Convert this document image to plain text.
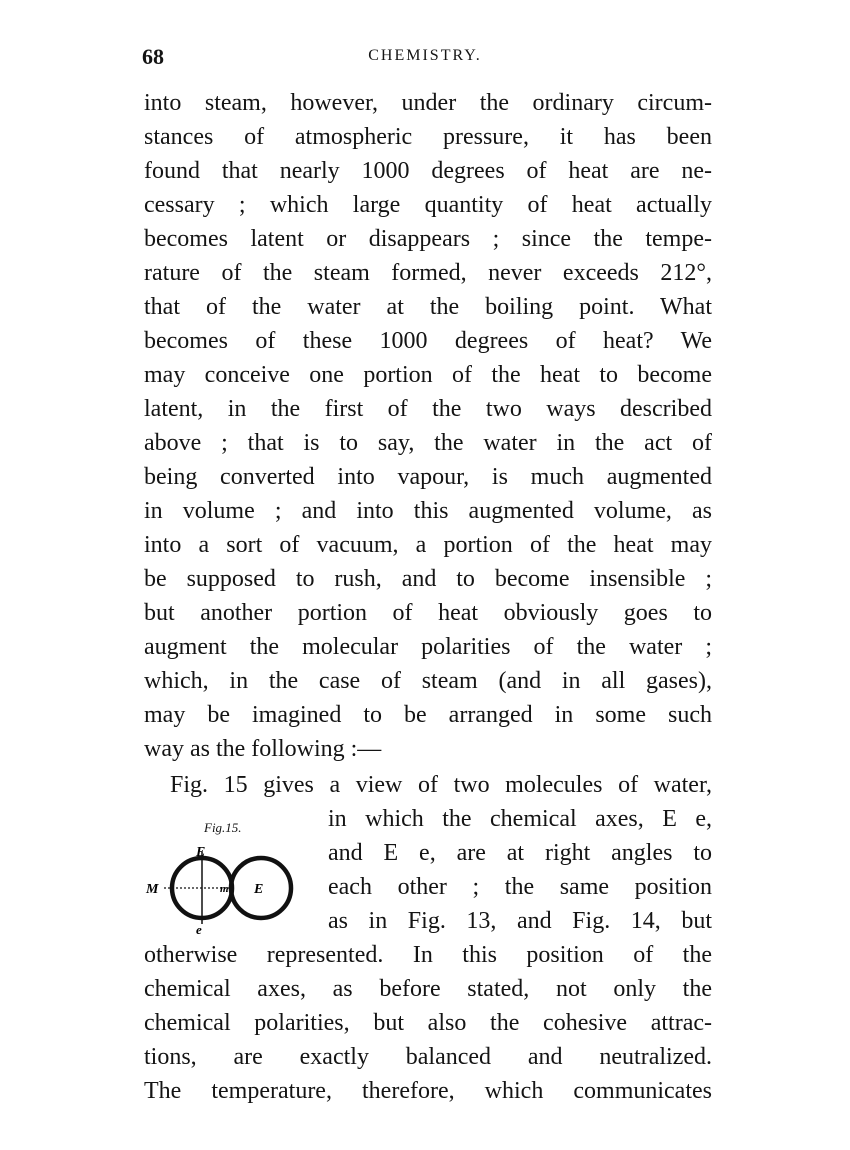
68	CHEMISTRY.
into steam, however, under the ordinary circum-
stances of atmospheric pressure, it has been
found that nearly 1000 degrees of heat are ne-
cessary ; which large quantity of heat actually
becomes latent or disappears ; since the tempe-
rature of the steam formed, never exceeds 212°,
that of the water at the boiling point. What
becomes of these 1000 degrees of heat? We
may conceive one portion of the heat to become
latent, in the first of the two ways described
above ; that is to say, the water in the act of
being converted into vapour, is much augmented
in volume ; and into this augmented volume, as
into a sort of vacuum, a portion of the heat may
be supposed to rush, and to become insensible ;
but another portion of heat obviously goes to
augment the molecular polarities of the water ;
which, in the case of steam (and in all gases),
may be imagined to be arranged in some such
way as the following :—
Fig. 15 gives a view of two molecules of water,
Fig.15.
E
M	m
e
E
in which the chemical axes, E e,
and E e, are at right angles to
each other ; the same position
as in Fig. 13, and Fig. 14, but
otherwise represented. In this position of the
chemical axes, as before stated, not only the
chemical polarities, but also the cohesive attrac-
tions, are exactly balanced and neutralized.
The temperature, therefore, which communicates
